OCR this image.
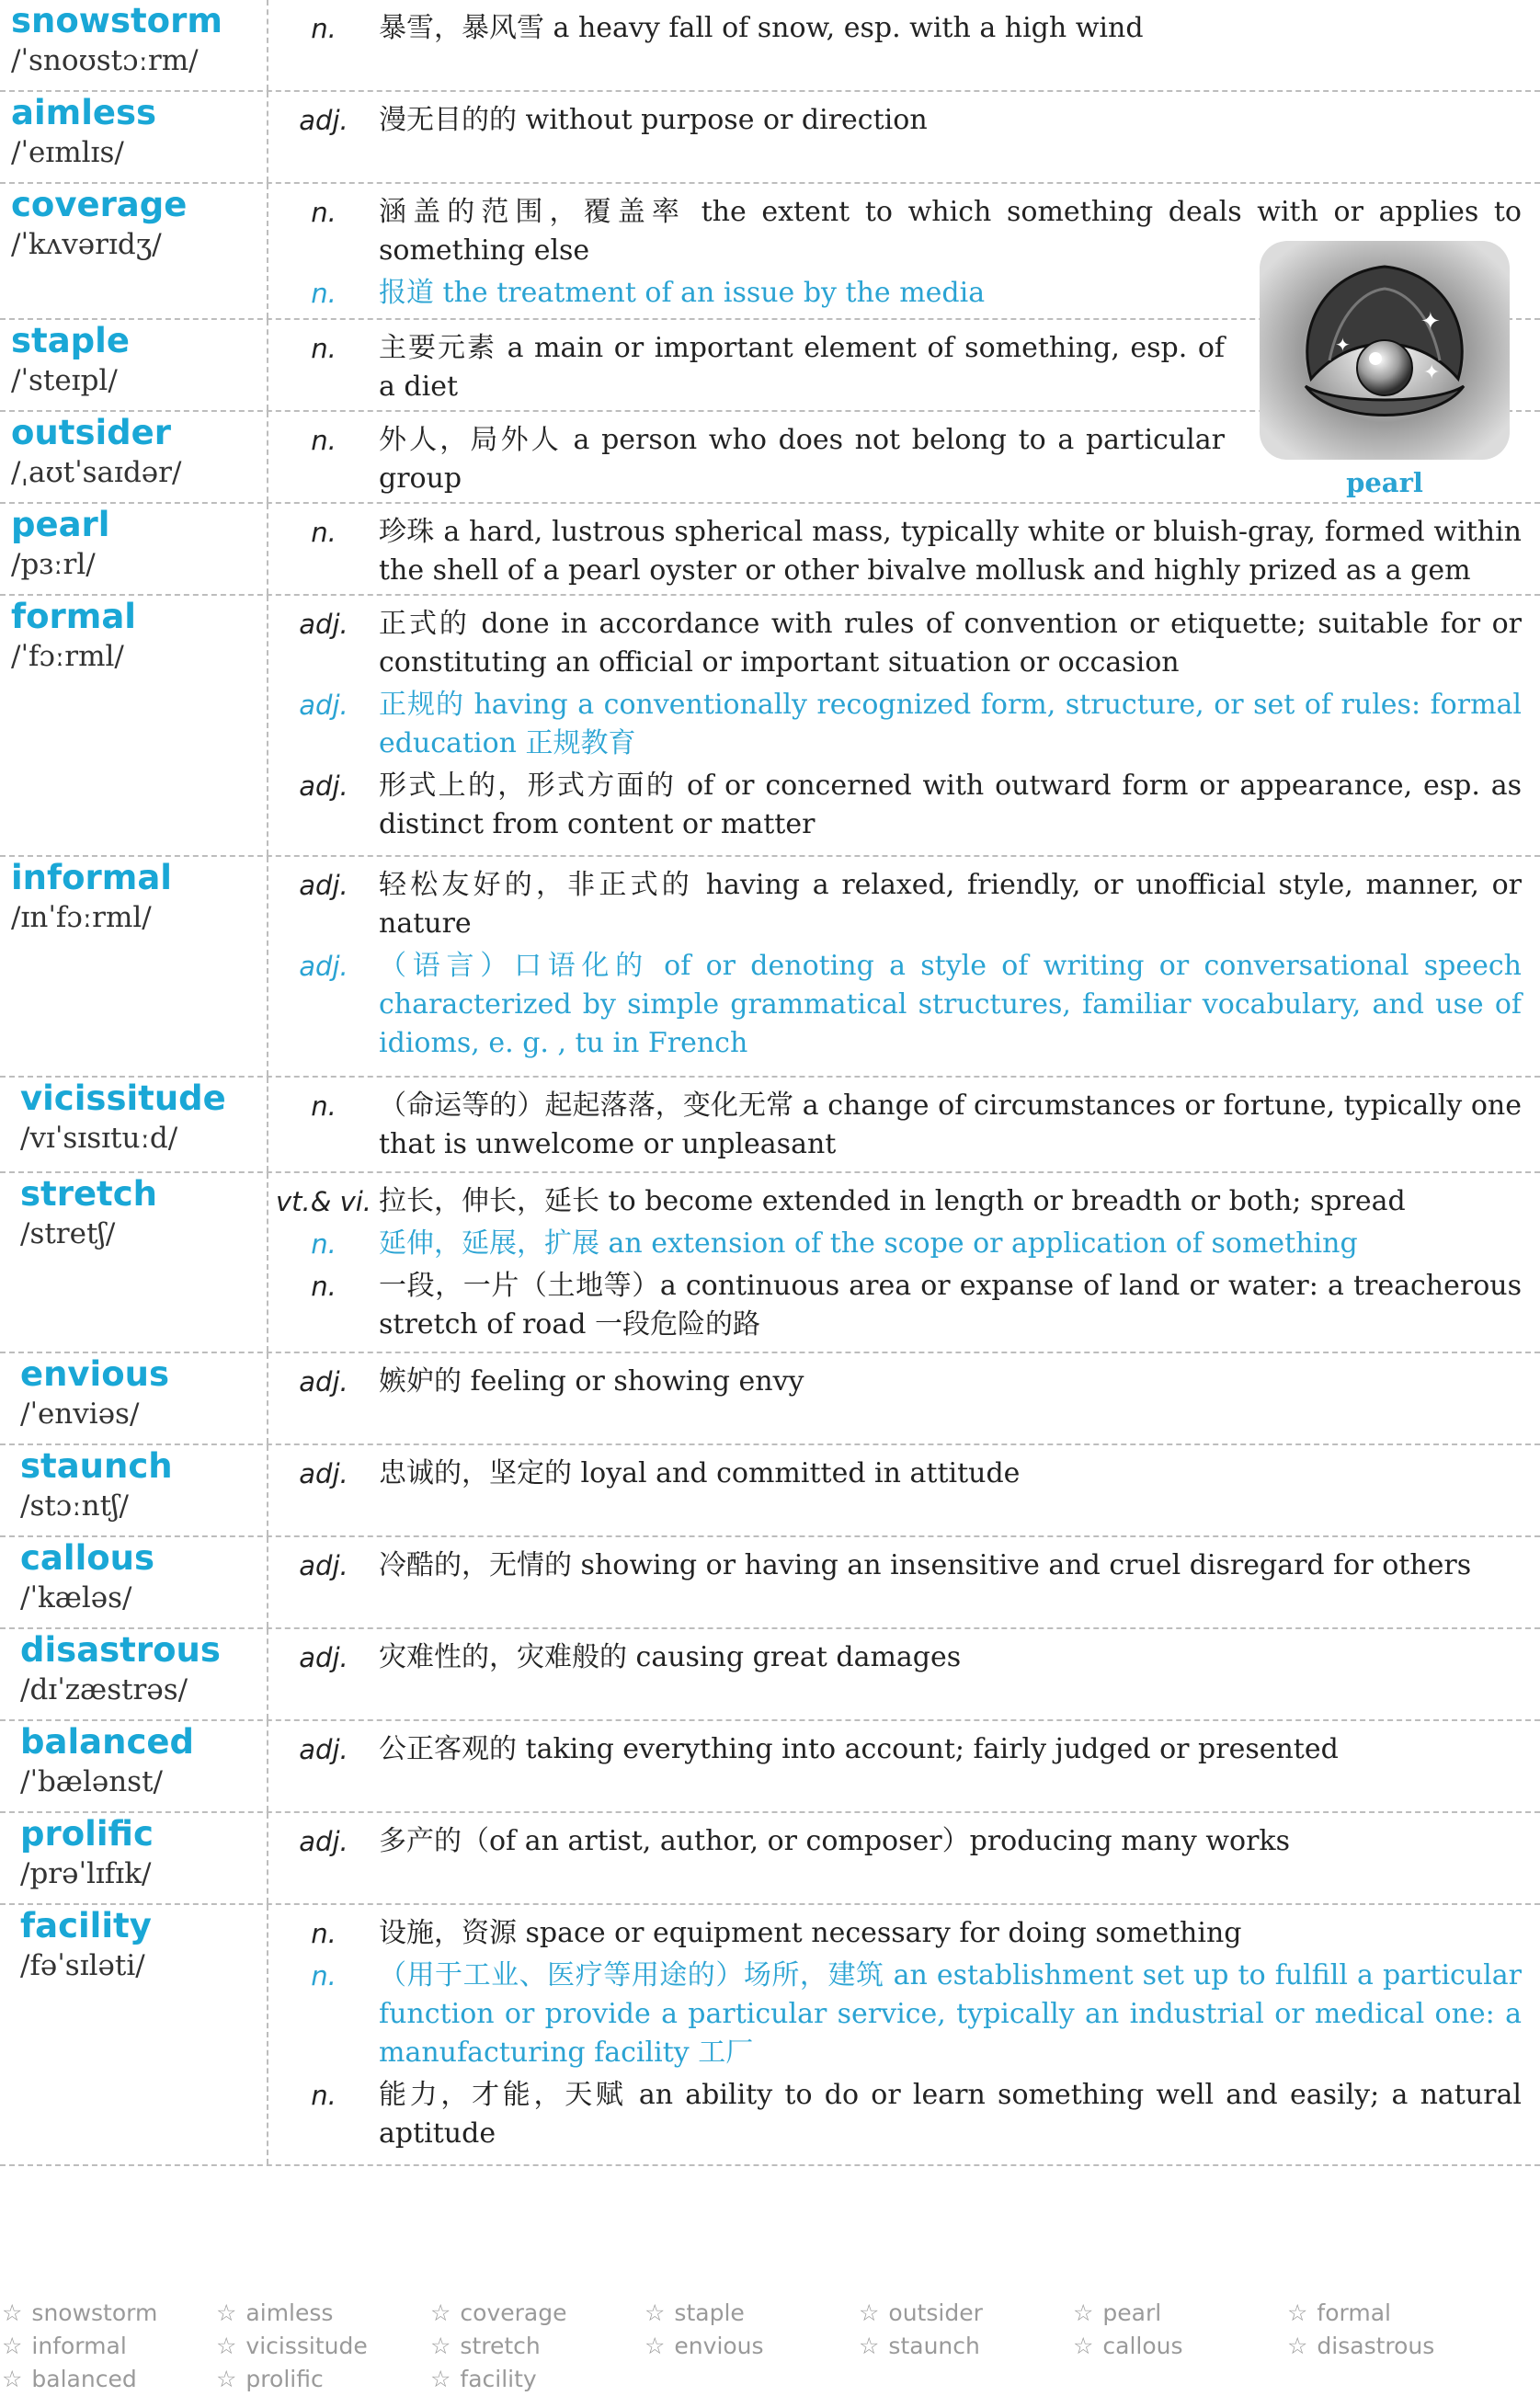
snowstorm
/ˈsnoʊstɔːrm/
n.	暴雪，暴风雪 a heavy fall of snow, esp. with a high wind
aimless
/ˈeɪmlɪs/
adj.	漫无目的的 without purpose or direction
coverage
/ˈkʌvərɪdʒ/
n.	涵盖的范围，覆盖率 the extent to which something deals with or applies to something else
n.	报道 the treatment of an issue by the media
staple
/ˈsteɪpl/
n.	主要元素 a main or important element of something, esp. of a diet
outsider
/ˌaʊtˈsaɪdər/
n.	外人，局外人 a person who does not belong to a particular group
pearl
/pɜːrl/
n.	珍珠 a hard, lustrous spherical mass, typically white or bluish-gray, formed within the shell of a pearl oyster or other bivalve mollusk and highly prized as a gem
formal
/ˈfɔːrml/
adj.	正式的 done in accordance with rules of convention or etiquette; suitable for or constituting an official or important situation or occasion
adj.	正规的 having a conventionally recognized form, structure, or set of rules: formal education 正规教育
adj.	形式上的，形式方面的 of or concerned with outward form or appearance, esp. as distinct from content or matter
informal
/ɪnˈfɔːrml/
adj.	轻松友好的，非正式的 having a relaxed, friendly, or unofficial style, manner, or nature
adj.	（语言）口语化的 of or denoting a style of writing or conversational speech characterized by simple grammatical structures, familiar vocabulary, and use of idioms, e. g. , tu in French
vicissitude
/vɪˈsɪsɪtuːd/
n.	（命运等的）起起落落，变化无常 a change of circumstances or fortune, typically one that is unwelcome or unpleasant
stretch
/stretʃ/
vt.& vi. 拉长，伸长，延长 to become extended in length or breadth or both; spread
n.	延伸，延展，扩展 an extension of the scope or application of something
n.	一段，一片（土地等）a continuous area or expanse of land or water: a treacherous stretch of road 一段危险的路
envious
/ˈenviəs/
adj.	嫉妒的 feeling or showing envy
staunch
/stɔːntʃ/
adj.	忠诚的，坚定的 loyal and committed in attitude
callous
/ˈkæləs/
adj.	冷酷的，无情的 showing or having an insensitive and cruel disregard for others
disastrous
/dɪˈzæstrəs/
adj.	灾难性的，灾难般的 causing great damages
balanced
/ˈbælənst/
adj.	公正客观的 taking everything into account; fairly judged or presented
prolific
/prəˈlɪfɪk/
adj.	多产的（of an artist, author, or composer）producing many works
facility
/fəˈsɪləti/
n.	设施，资源 space or equipment necessary for doing something
n.	（用于工业、医疗等用途的）场所，建筑 an establishment set up to fulfill a particular function or provide a particular service, typically an industrial or medical one: a manufacturing facility 工厂
n.	能力，才能，天赋 an ability to do or learn something well and easily; a natural aptitude
✦
✦
✦
pearl
☆ snowstorm	☆ aimless	☆ coverage	☆ staple	☆ outsider	☆ pearl	☆ formal
☆ informal	☆ vicissitude	☆ stretch	☆ envious	☆ staunch	☆ callous	☆ disastrous
☆ balanced	☆ prolific	☆ facility
